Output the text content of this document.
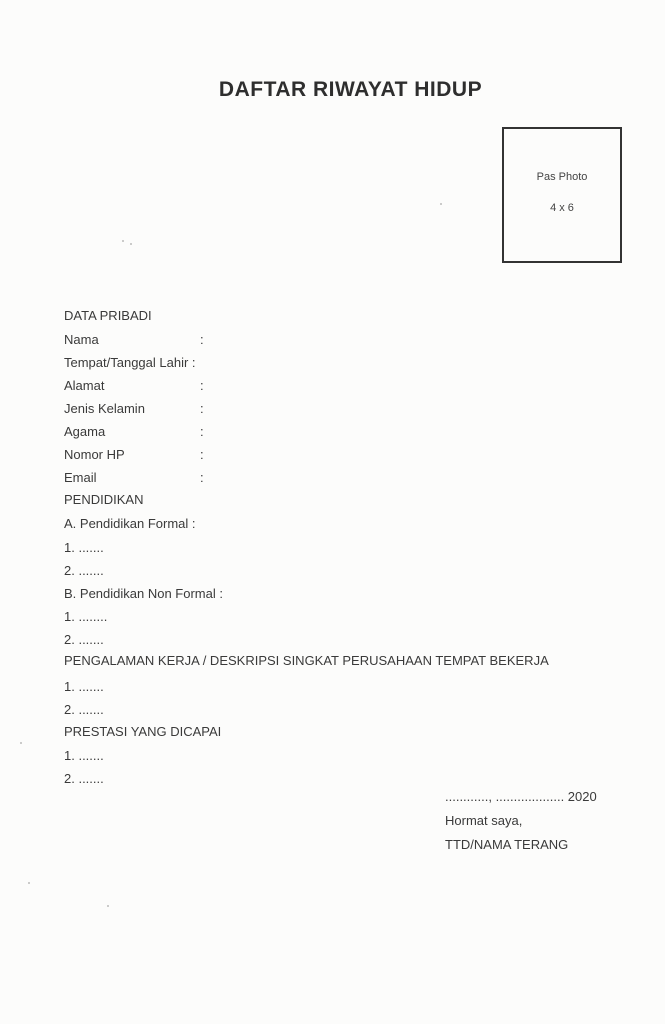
DAFTAR RIWAYAT HIDUP
Pas Photo
4 x 6
DATA PRIBADI
Nama	:
Tempat/Tanggal Lahir :
Alamat	:
Jenis Kelamin	:
Agama	:
Nomor HP	:
Email	:
PENDIDIKAN
A. Pendidikan Formal :
1. .......
2. .......
B. Pendidikan Non Formal :
1. ........
2. .......
PENGALAMAN KERJA / DESKRIPSI SINGKAT PERUSAHAAN TEMPAT BEKERJA
1. .......
2. .......
PRESTASI YANG DICAPAI
1. .......
2. .......
............, ................... 2020
Hormat saya,
TTD/NAMA TERANG
